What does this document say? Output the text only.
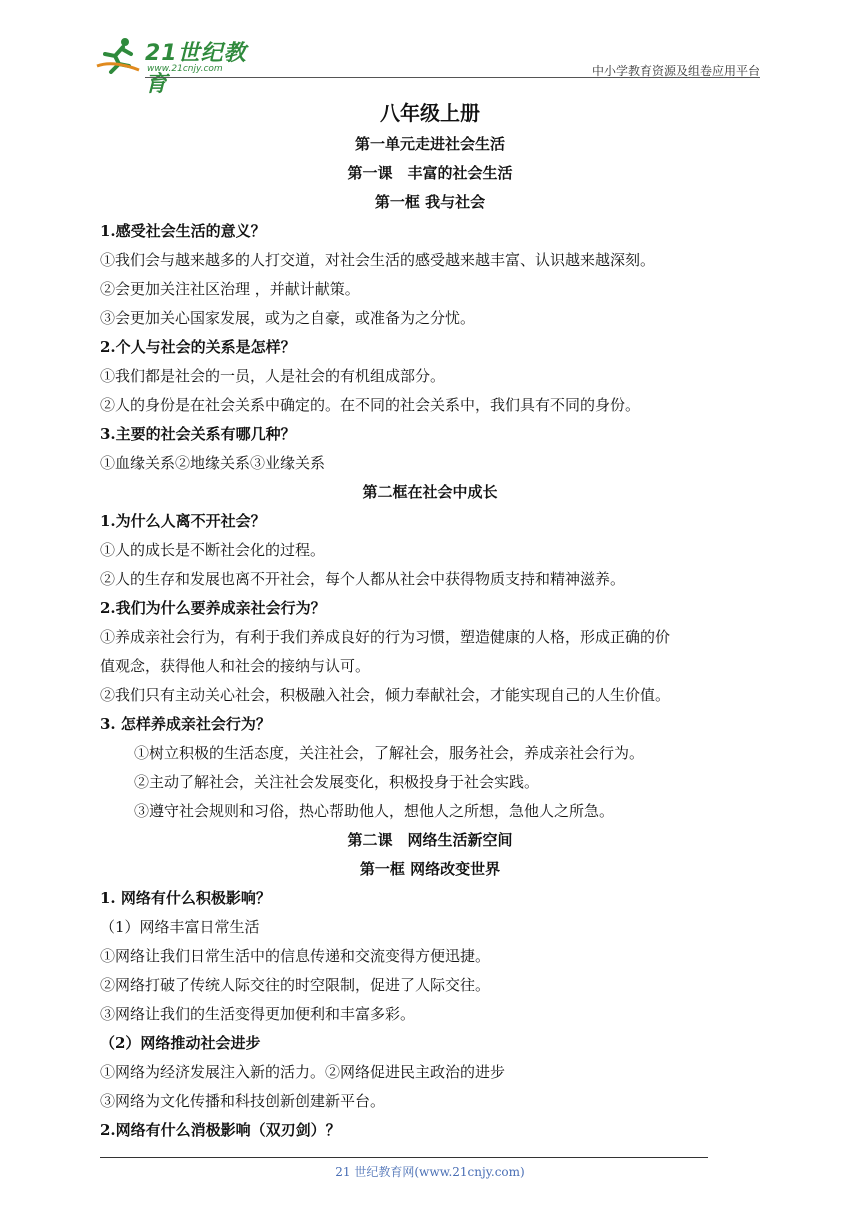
21世纪教育
www.21cnjy.com	中小学教育资源及组卷应用平台
八年级上册
第一单元走进社会生活
第一课　丰富的社会生活
第一框 我与社会
1.感受社会生活的意义？
①我们会与越来越多的人打交道，对社会生活的感受越来越丰富、认识越来越深刻。
②会更加关注社区治理 ，并献计献策。
③会更加关心国家发展，或为之自豪，或准备为之分忧。
2.个人与社会的关系是怎样？
①我们都是社会的一员，人是社会的有机组成部分。
②人的身份是在社会关系中确定的。在不同的社会关系中，我们具有不同的身份。
3.主要的社会关系有哪几种？
①血缘关系②地缘关系③业缘关系
第二框在社会中成长
1.为什么人离不开社会？
①人的成长是不断社会化的过程。
②人的生存和发展也离不开社会，每个人都从社会中获得物质支持和精神滋养。
2.我们为什么要养成亲社会行为？
①养成亲社会行为，有利于我们养成良好的行为习惯，塑造健康的人格，形成正确的价
值观念，获得他人和社会的接纳与认可。
②我们只有主动关心社会，积极融入社会，倾力奉献社会，才能实现自己的人生价值。
3. 怎样养成亲社会行为？
①树立积极的生活态度，关注社会，了解社会，服务社会，养成亲社会行为。
②主动了解社会，关注社会发展变化，积极投身于社会实践。
③遵守社会规则和习俗，热心帮助他人，想他人之所想，急他人之所急。
第二课　网络生活新空间
第一框 网络改变世界
1. 网络有什么积极影响？
（1）网络丰富日常生活
①网络让我们日常生活中的信息传递和交流变得方便迅捷。
②网络打破了传统人际交往的时空限制，促进了人际交往。
③网络让我们的生活变得更加便利和丰富多彩。
（2）网络推动社会进步
①网络为经济发展注入新的活力。②网络促进民主政治的进步
③网络为文化传播和科技创新创建新平台。
2.网络有什么消极影响（双刃剑）？
21 世纪教育网(www.21cnjy.com)
